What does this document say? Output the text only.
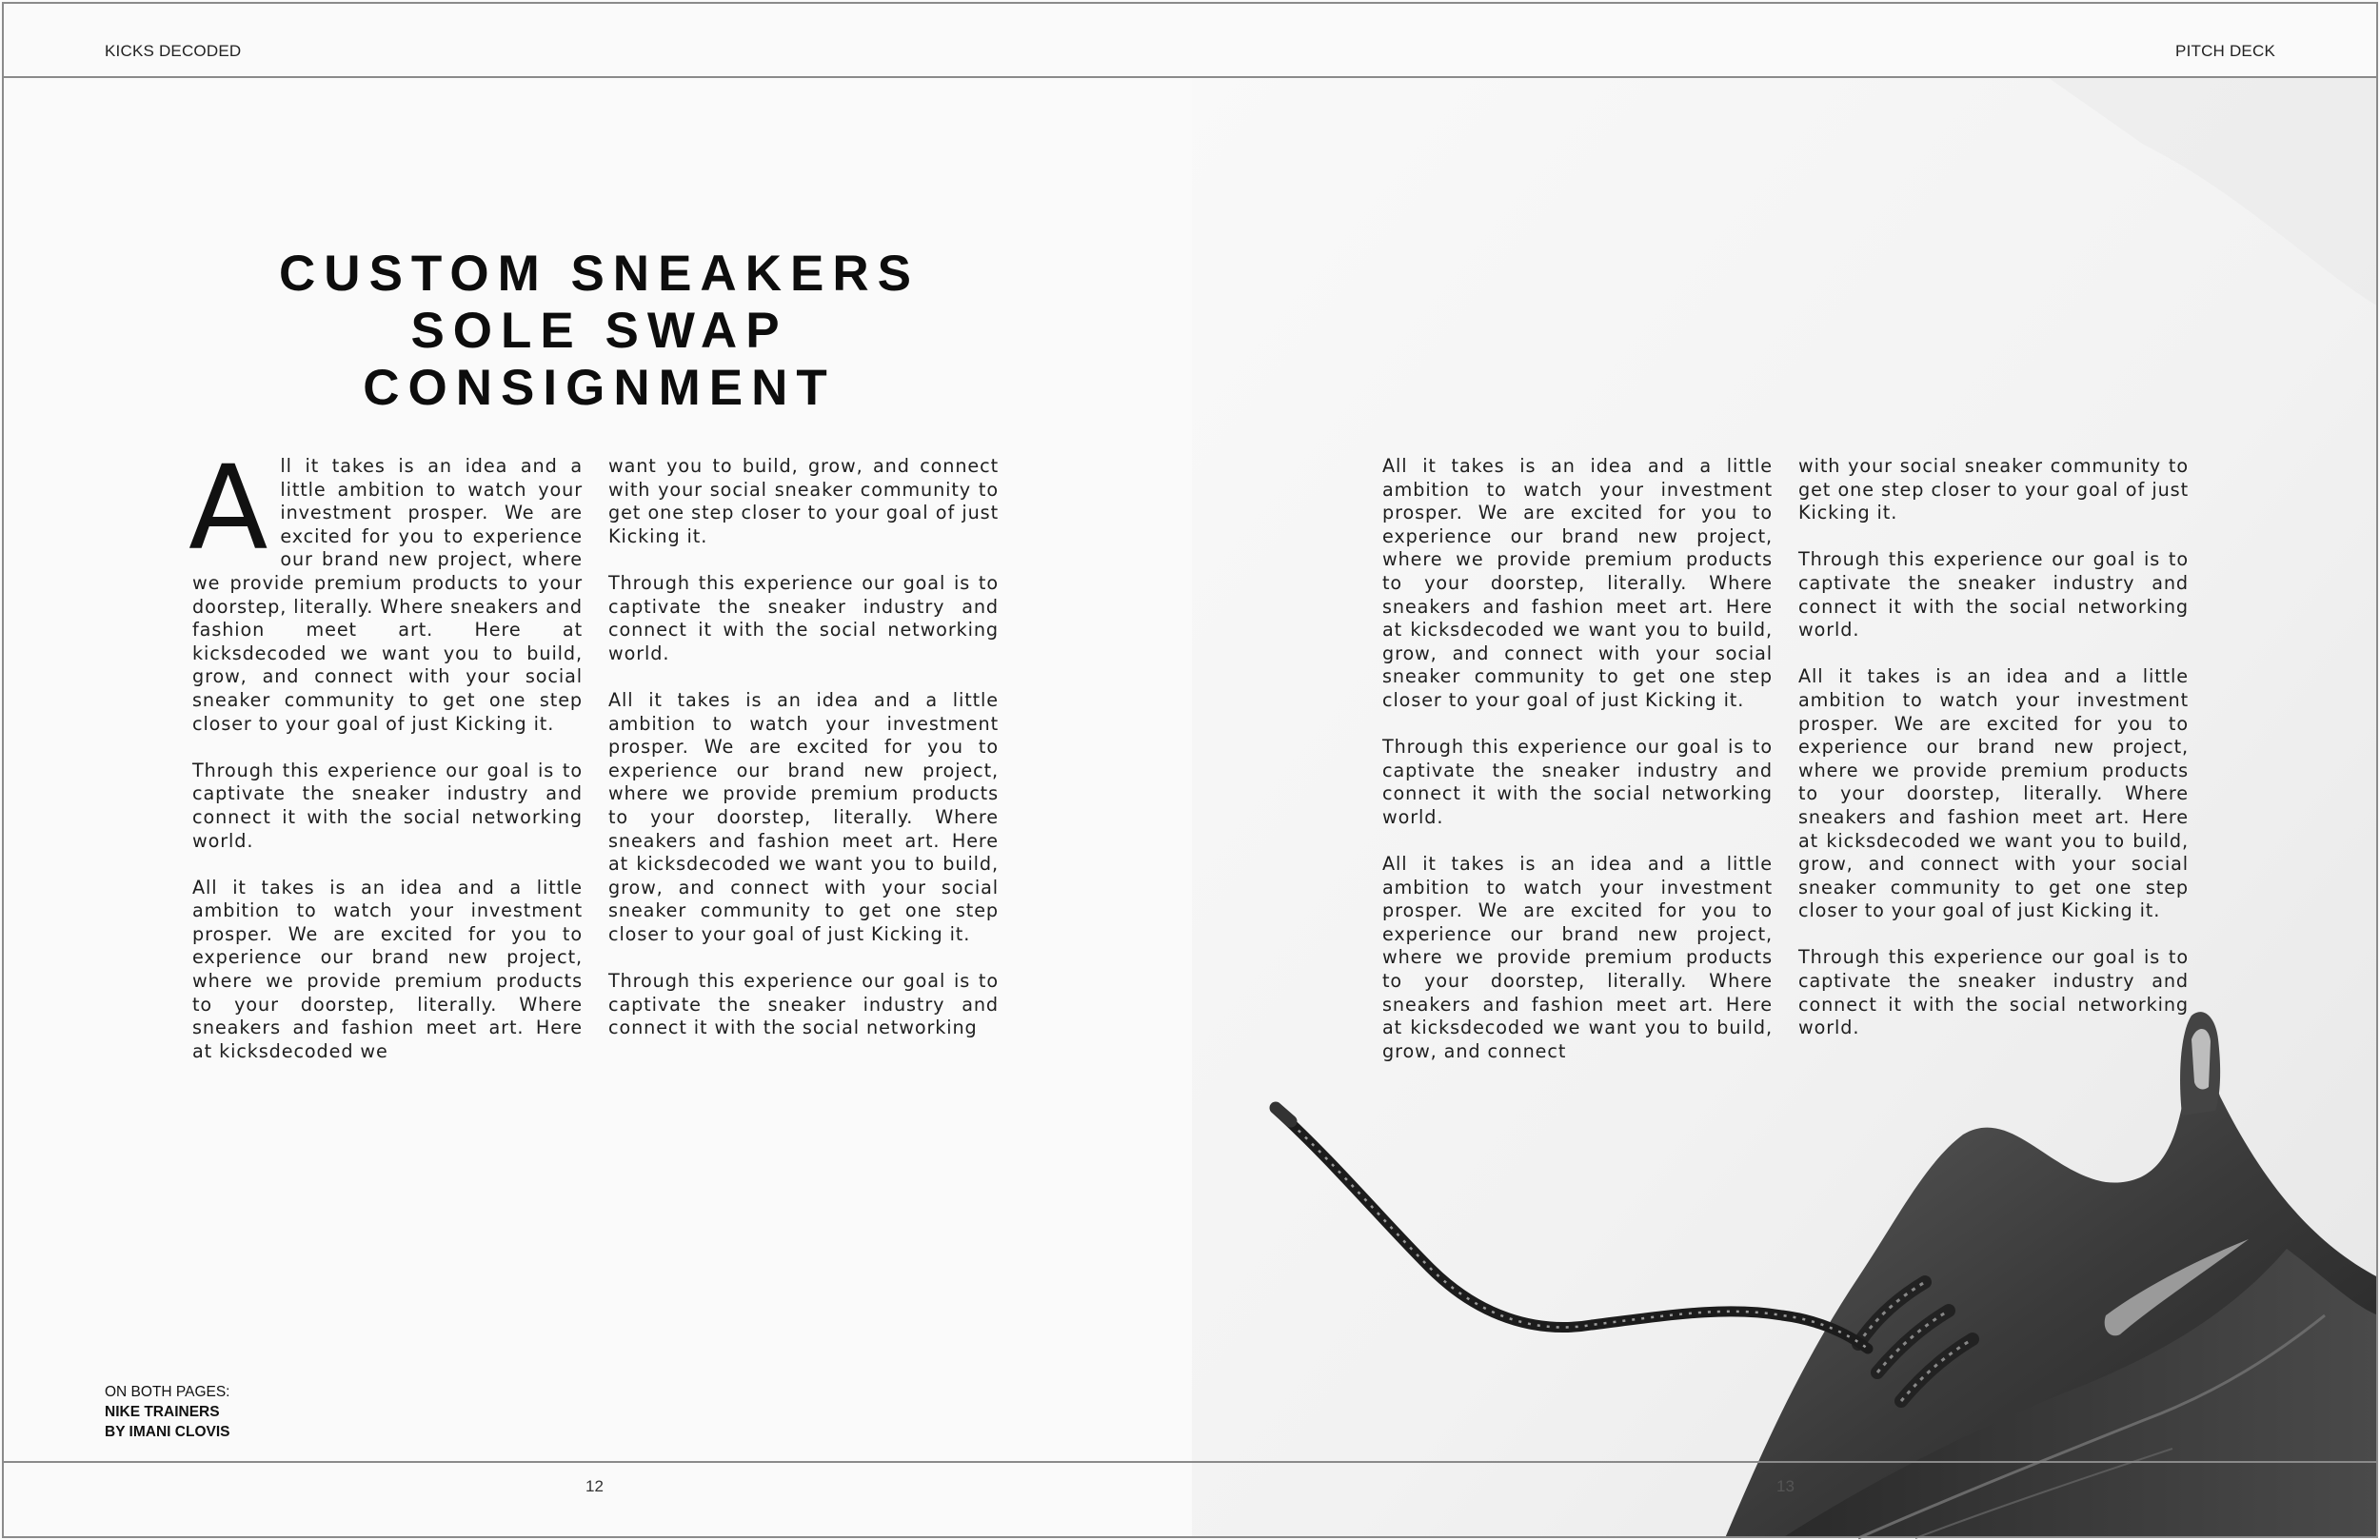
KICKS DECODED	PITCH DECK
CUSTOM SNEAKERS
SOLE SWAP
CONSIGNMENT

All it takes is an idea and a little ambition to watch your investment prosper. We are excited for you to experience our brand new project, where we provide premium products to your doorstep, literally. Where sneakers and fashion meet art. Here at kicksdecoded we want you to build, grow, and connect with your social sneaker community to get one step closer to your goal of just Kicking it.

Through this experience our goal is to captivate the sneaker industry and connect it with the social networking world.

All it takes is an idea and a little ambition to watch your investment prosper. We are excited for you to experience our brand new project, where we provide premium products to your doorstep, literally. Where sneakers and fashion meet art. Here at kicksdecoded we

want you to build, grow, and connect with your social sneaker community to get one step closer to your goal of just Kicking it.

Through this experience our goal is to captivate the sneaker industry and connect it with the social networking world.

All it takes is an idea and a little ambition to watch your investment prosper. We are excited for you to experience our brand new project, where we provide premium products to your doorstep, literally. Where sneakers and fashion meet art. Here at kicksdecoded we want you to build, grow, and connect with your social sneaker community to get one step closer to your goal of just Kicking it.

Through this experience our goal is to captivate the sneaker industry and connect it with the social networking

All it takes is an idea and a little ambition to watch your investment prosper. We are excited for you to experience our brand new project, where we provide premium products to your doorstep, literally. Where sneakers and fashion meet art. Here at kicksdecoded we want you to build, grow, and connect with your social sneaker community to get one step closer to your goal of just Kicking it.

Through this experience our goal is to captivate the sneaker industry and connect it with the social networking world.

All it takes is an idea and a little ambition to watch your investment prosper. We are excited for you to experience our brand new project, where we provide premium products to your doorstep, literally. Where sneakers and fashion meet art. Here at kicksdecoded we want you to build, grow, and connect

with your social sneaker community to get one step closer to your goal of just Kicking it.

Through this experience our goal is to captivate the sneaker industry and connect it with the social networking world.

All it takes is an idea and a little ambition to watch your investment prosper. We are excited for you to experience our brand new project, where we provide premium products to your doorstep, literally. Where sneakers and fashion meet art. Here at kicksdecoded we want you to build, grow, and connect with your social sneaker community to get one step closer to your goal of just Kicking it.

Through this experience our goal is to captivate the sneaker industry and connect it with the social networking world.

ON BOTH PAGES:
NIKE TRAINERS
BY IMANI CLOVIS
12	13
